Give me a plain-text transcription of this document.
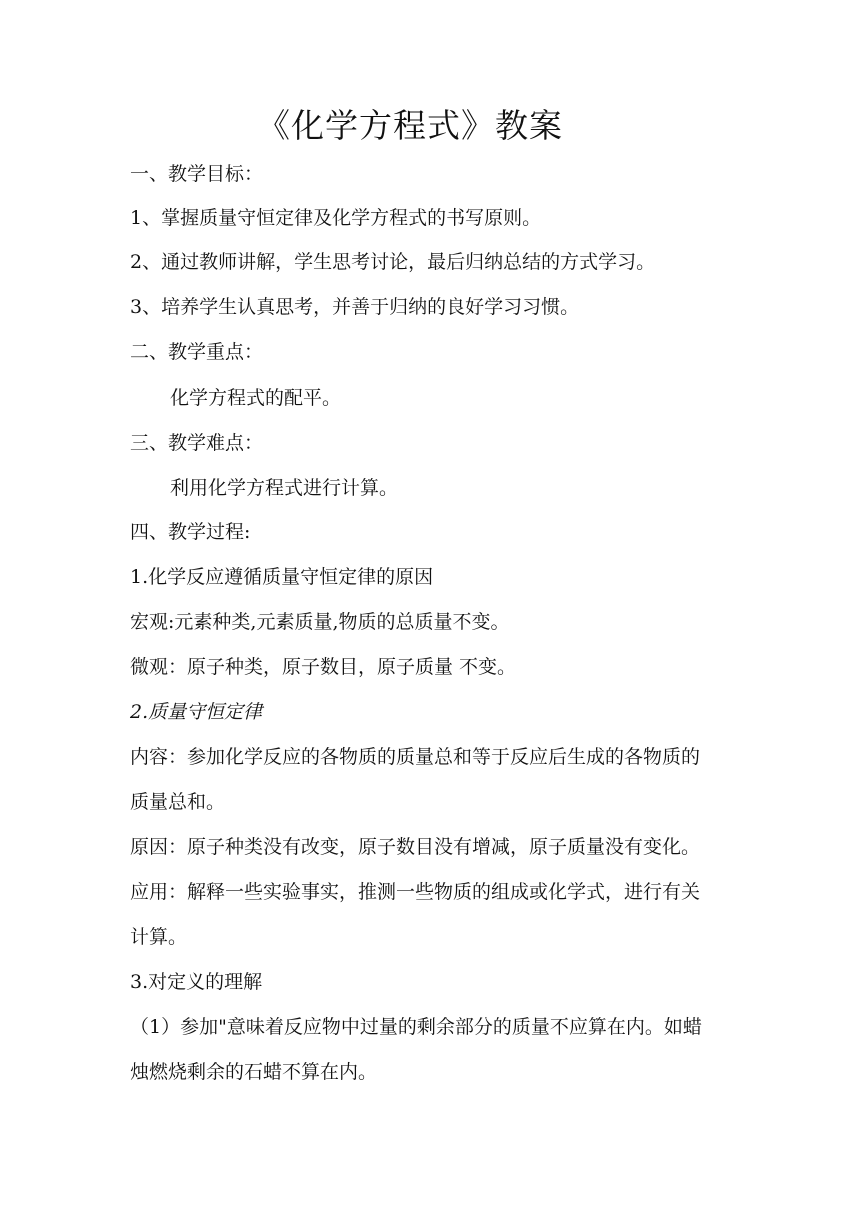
《化学方程式》教案
一、教学目标：
1、掌握质量守恒定律及化学方程式的书写原则。
2、通过教师讲解，学生思考讨论，最后归纳总结的方式学习。
3、培养学生认真思考，并善于归纳的良好学习习惯。
二、教学重点：
化学方程式的配平。
三、教学难点：
利用化学方程式进行计算。
四、教学过程:
1.化学反应遵循质量守恒定律的原因
宏观:元素种类,元素质量,物质的总质量不变。
微观：原子种类，原子数目，原子质量 不变。
2.质量守恒定律
内容：参加化学反应的各物质的质量总和等于反应后生成的各物质的
质量总和。
原因：原子种类没有改变，原子数目没有增减，原子质量没有变化。
应用：解释一些实验事实，推测一些物质的组成或化学式，进行有关
计算。
3.对定义的理解
（1）参加"意味着反应物中过量的剩余部分的质量不应算在内。如蜡
烛燃烧剩余的石蜡不算在内。
